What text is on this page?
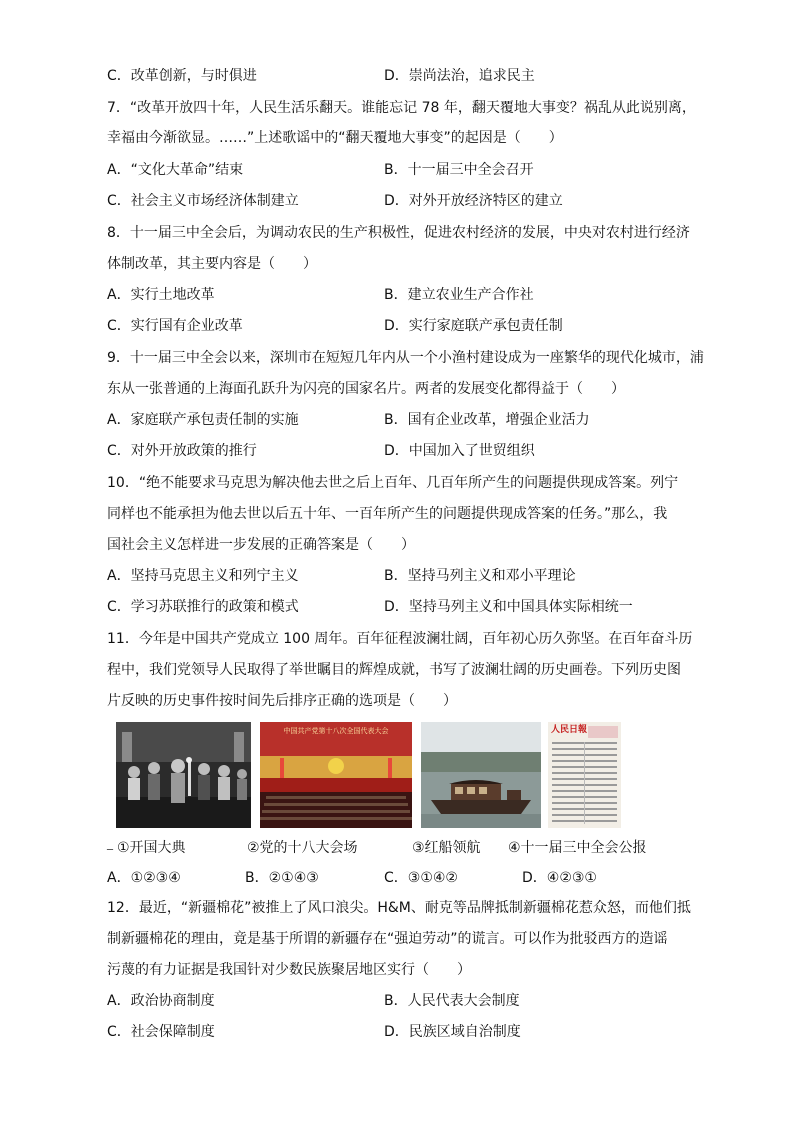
C．改革创新，与时俱进	D．崇尚法治，追求民主
7．“改革开放四十年，人民生活乐翻天。谁能忘记 78 年，翻天覆地大事变？祸乱从此说别离，
幸福由今渐欲显。……”上述歌谣中的“翻天覆地大事变”的起因是（　　）
A．“文化大革命”结束	B．十一届三中全会召开
C．社会主义市场经济体制建立	D．对外开放经济特区的建立
8．十一届三中全会后，为调动农民的生产积极性，促进农村经济的发展，中央对农村进行经济
体制改革，其主要内容是（　　）
A．实行土地改革	B．建立农业生产合作社
C．实行国有企业改革	D．实行家庭联产承包责任制
9．十一届三中全会以来，深圳市在短短几年内从一个小渔村建设成为一座繁华的现代化城市，浦
东从一张普通的上海面孔跃升为闪亮的国家名片。两者的发展变化都得益于（　　）
A．家庭联产承包责任制的实施	B．国有企业改革，增强企业活力
C．对外开放政策的推行	D．中国加入了世贸组织
10．“绝不能要求马克思为解决他去世之后上百年、几百年所产生的问题提供现成答案。列宁
同样也不能承担为他去世以后五十年、一百年所产生的问题提供现成答案的任务。”那么，我
国社会主义怎样进一步发展的正确答案是（　　）
A．坚持马克思主义和列宁主义	B．坚持马列主义和邓小平理论
C．学习苏联推行的政策和模式	D．坚持马列主义和中国具体实际相统一
11．今年是中国共产党成立 100 周年。百年征程波澜壮阔，百年初心历久弥坚。在百年奋斗历
程中，我们党领导人民取得了举世瞩目的辉煌成就，书写了波澜壮阔的历史画卷。下列历史图
片反映的历史事件按时间先后排序正确的选项是（　　）
中国共产党第十八次全国代表大会	人民日報
_ ①开国大典	②党的十八大会场	③红船领航 ④十一届三中全会公报
A．①②③④	B．②①④③	C．③①④②	D．④②③①
12．最近，“新疆棉花”被推上了风口浪尖。H&M、耐克等品牌抵制新疆棉花惹众怒，而他们抵
制新疆棉花的理由，竟是基于所谓的新疆存在“强迫劳动”的谎言。可以作为批驳西方的造谣
污蔑的有力证据是我国针对少数民族聚居地区实行（　　）
A．政治协商制度	B．人民代表大会制度
C．社会保障制度	D．民族区域自治制度
